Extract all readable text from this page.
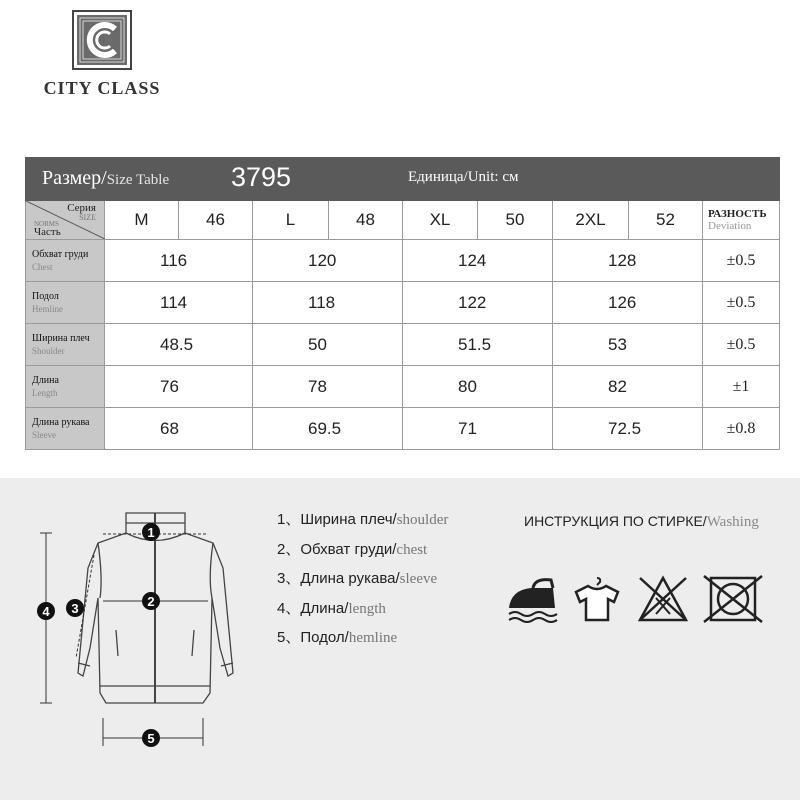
CITY CLASS
Размер/Size Table 3795 Единица/Unit: см									

Серия
SIZE
NORMS
Часть	M	46	L	48	XL	50	2XL	52	РАЗНОСТЬ
Deviation

Обхват груди
Chest	116		120		124		128		±0.5

Подол
Hemline	114		118		122		126		±0.5

Ширина плеч
Shoulder	48.5		50		51.5		53		±0.5

Длина
Length	76		78		80		82		±1

Длина рукава
Sleeve	68		69.5		71		72.5		±0.8
1
2
3
4
5
1、Ширина плеч/shoulder
2、Обхват груди/chest
3、Длина рукава/sleeve
4、Длина/length
5、Подол/hemline
ИНСТРУКЦИЯ ПО СТИРКЕ/Washing
